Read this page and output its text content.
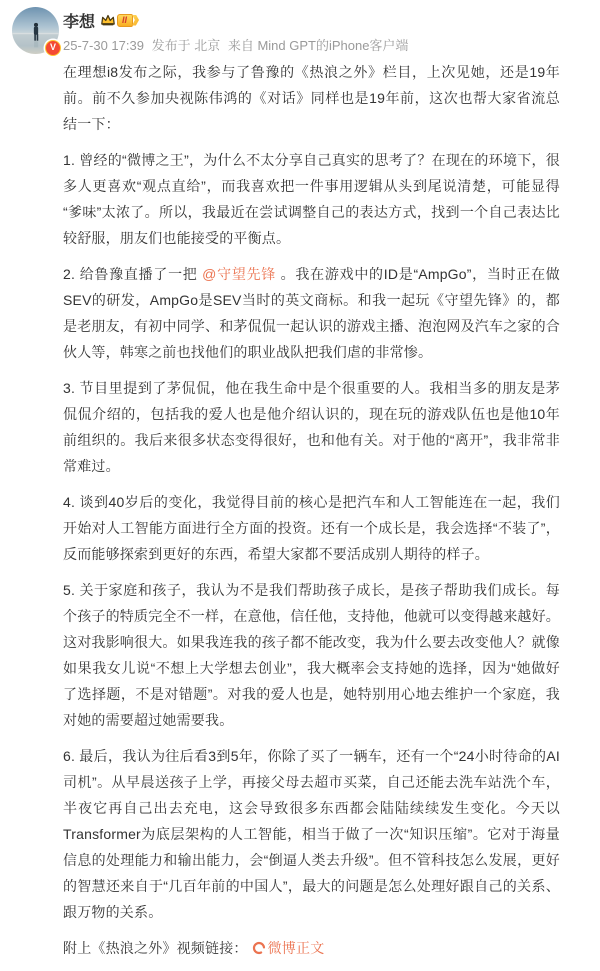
V
李想	II
25-7-30 17:39 发布于 北京 来自 Mind GPT的iPhone客户端

在理想i8发布之际，我参与了鲁豫的《热浪之外》栏目，上次见她，还是19年前。前不久参加央视陈伟鸿的《对话》同样也是19年前，这次也帮大家省流总结一下：

1. 曾经的“微博之王”，为什么不太分享自己真实的思考了？在现在的环境下，很多人更喜欢“观点直给”，而我喜欢把一件事用逻辑从头到尾说清楚，可能显得“爹味”太浓了。所以，我最近在尝试调整自己的表达方式，找到一个自己表达比较舒服，朋友们也能接受的平衡点。

2. 给鲁豫直播了一把 @守望先锋 。我在游戏中的ID是“AmpGo”，当时正在做SEV的研发，AmpGo是SEV当时的英文商标。和我一起玩《守望先锋》的，都是老朋友，有初中同学、和茅侃侃一起认识的游戏主播、泡泡网及汽车之家的合伙人等，韩寒之前也找他们的职业战队把我们虐的非常惨。

3. 节目里提到了茅侃侃，他在我生命中是个很重要的人。我相当多的朋友是茅侃侃介绍的，包括我的爱人也是他介绍认识的，现在玩的游戏队伍也是他10年前组织的。我后来很多状态变得很好，也和他有关。对于他的“离开”，我非常非常难过。

4. 谈到40岁后的变化，我觉得目前的核心是把汽车和人工智能连在一起，我们开始对人工智能方面进行全方面的投资。还有一个成长是，我会选择“不装了”，反而能够探索到更好的东西，希望大家都不要活成别人期待的样子。

5. 关于家庭和孩子，我认为不是我们帮助孩子成长，是孩子帮助我们成长。每个孩子的特质完全不一样，在意他，信任他，支持他，他就可以变得越来越好。这对我影响很大。如果我连我的孩子都不能改变，我为什么要去改变他人？就像如果我女儿说“不想上大学想去创业”，我大概率会支持她的选择，因为“她做好了选择题，不是对错题”。对我的爱人也是，她特别用心地去维护一个家庭，我对她的需要超过她需要我。

6. 最后，我认为往后看3到5年，你除了买了一辆车，还有一个“24小时待命的AI司机”。从早晨送孩子上学，再接父母去超市买菜，自己还能去洗车站洗个车，半夜它再自己出去充电，这会导致很多东西都会陆陆续续发生变化。今天以Transformer为底层架构的人工智能，相当于做了一次“知识压缩”。它对于海量信息的处理能力和输出能力，会“倒逼人类去升级”。但不管科技怎么发展，更好的智慧还来自于“几百年前的中国人”，最大的问题是怎么处理好跟自己的关系、跟万物的关系。

附上《热浪之外》视频链接： 微博正文
